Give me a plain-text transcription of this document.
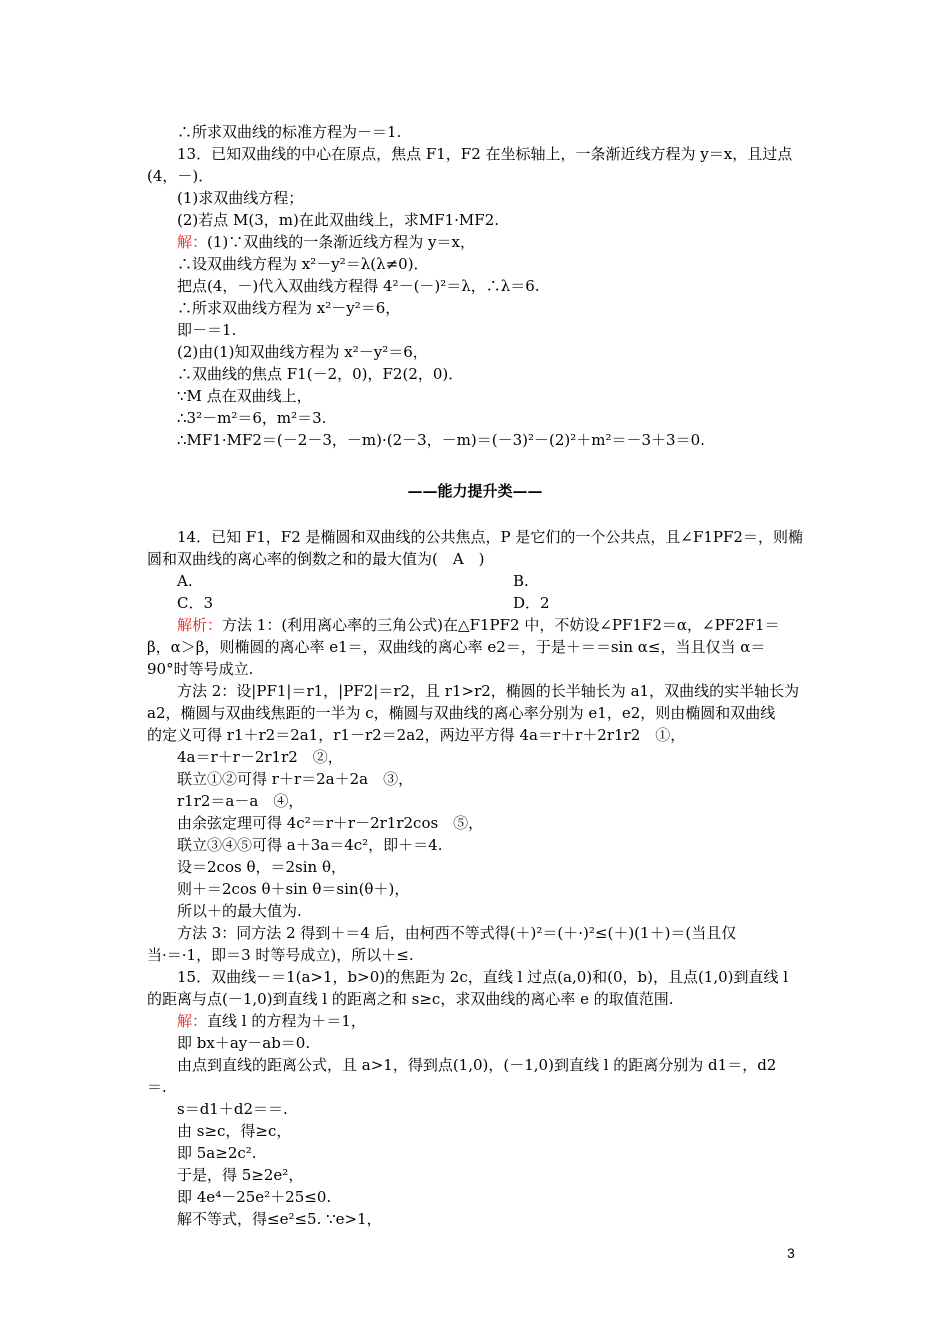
∴所求双曲线的标准方程为－＝1.
13．已知双曲线的中心在原点，焦点 F1，F2 在坐标轴上，一条渐近线方程为 y＝x，且过点
(4，－)．
(1)求双曲线方程；
(2)若点 M(3，m)在此双曲线上，求MF1·MF2.
解：(1)∵双曲线的一条渐近线方程为 y＝x，
∴设双曲线方程为 x²－y²＝λ(λ≠0)．
把点(4，－)代入双曲线方程得 4²－(－)²＝λ，∴λ＝6.
∴所求双曲线方程为 x²－y²＝6，
即－＝1.
(2)由(1)知双曲线方程为 x²－y²＝6，
∴双曲线的焦点 F1(－2，0)，F2(2，0)．
∵M 点在双曲线上，
∴3²－m²＝6，m²＝3.
∴MF1·MF2＝(－2－3，－m)·(2－3，－m)＝(－3)²－(2)²＋m²＝－3＋3＝0.
——能力提升类——
14．已知 F1，F2 是椭圆和双曲线的公共焦点，P 是它们的一个公共点，且∠F1PF2＝，则椭
圆和双曲线的离心率的倒数之和的最大值为(　A　)
A.	B.
C．3	D．2
解析：方法 1：(利用离心率的三角公式)在△F1PF2 中，不妨设∠PF1F2＝α，∠PF2F1＝
β，α＞β，则椭圆的离心率 e1＝，双曲线的离心率 e2＝，于是＋＝＝sin α≤，当且仅当 α＝
90°时等号成立.
方法 2：设|PF1|＝r1，|PF2|＝r2，且 r1>r2，椭圆的长半轴长为 a1，双曲线的实半轴长为
a2，椭圆与双曲线焦距的一半为 c，椭圆与双曲线的离心率分别为 e1，e2，则由椭圆和双曲线
的定义可得 r1＋r2＝2a1，r1－r2＝2a2，两边平方得 4a＝r＋r＋2r1r2　①，
4a＝r＋r－2r1r2　②，
联立①②可得 r＋r＝2a＋2a　③，
r1r2＝a－a　④，
由余弦定理可得 4c²＝r＋r－2r1r2cos　⑤，
联立③④⑤可得 a＋3a＝4c²，即＋＝4.
设＝2cos θ，＝2sin θ，
则＋＝2cos θ＋sin θ＝sin(θ＋)，
所以＋的最大值为.
方法 3：同方法 2 得到＋＝4 后，由柯西不等式得(＋)²＝(＋·)²≤(＋)(1＋)＝(当且仅
当·＝·1，即＝3 时等号成立)，所以＋≤.
15．双曲线－＝1(a>1，b>0)的焦距为 2c，直线 l 过点(a,0)和(0，b)，且点(1,0)到直线 l
的距离与点(－1,0)到直线 l 的距离之和 s≥c，求双曲线的离心率 e 的取值范围.
解：直线 l 的方程为＋＝1，
即 bx＋ay－ab＝0.
由点到直线的距离公式，且 a>1，得到点(1,0)，(－1,0)到直线 l 的距离分别为 d1＝，d2
＝.
s＝d1＋d2＝＝.
由 s≥c，得≥c，
即 5a≥2c².
于是，得 5≥2e²，
即 4e⁴－25e²＋25≤0.
解不等式，得≤e²≤5. ∵e>1，
3
